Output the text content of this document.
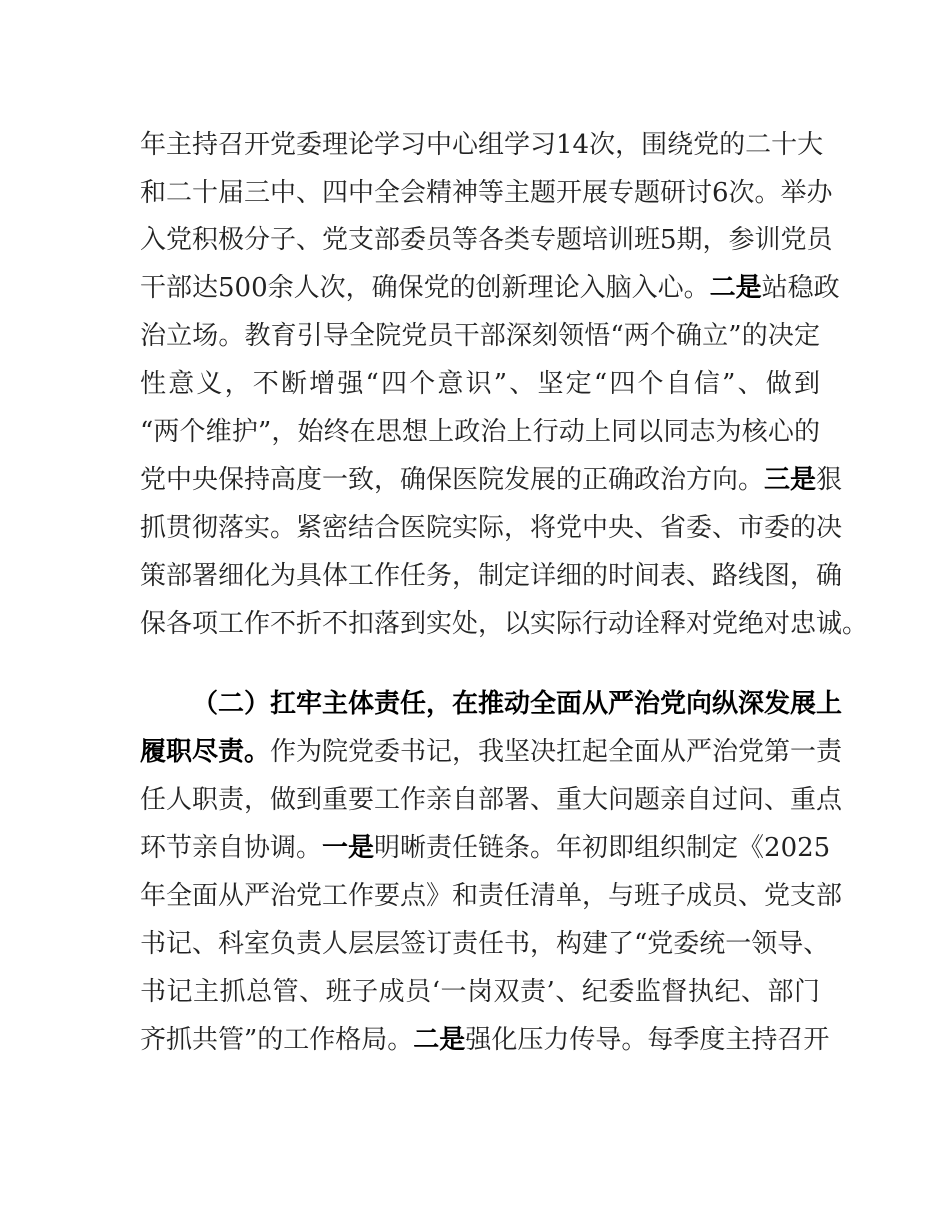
年主持召开党委理论学习中心组学习14次，围绕党的二十大
和二十届三中、四中全会精神等主题开展专题研讨6次。举办
入党积极分子、党支部委员等各类专题培训班5期，参训党员
干部达500余人次，确保党的创新理论入脑入心。二是站稳政
治立场。教育引导全院党员干部深刻领悟“两个确立”的决定
性意义，不断增强“四个意识”、坚定“四个自信”、做到
“两个维护”，始终在思想上政治上行动上同以同志为核心的
党中央保持高度一致，确保医院发展的正确政治方向。三是狠
抓贯彻落实。紧密结合医院实际，将党中央、省委、市委的决
策部署细化为具体工作任务，制定详细的时间表、路线图，确
保各项工作不折不扣落到实处，以实际行动诠释对党绝对忠诚。
（二）扛牢主体责任，在推动全面从严治党向纵深发展上
履职尽责。作为院党委书记，我坚决扛起全面从严治党第一责
任人职责，做到重要工作亲自部署、重大问题亲自过问、重点
环节亲自协调。一是明晰责任链条。年初即组织制定《2025
年全面从严治党工作要点》和责任清单，与班子成员、党支部
书记、科室负责人层层签订责任书，构建了“党委统一领导、
书记主抓总管、班子成员‘一岗双责’、纪委监督执纪、部门
齐抓共管”的工作格局。二是强化压力传导。每季度主持召开
